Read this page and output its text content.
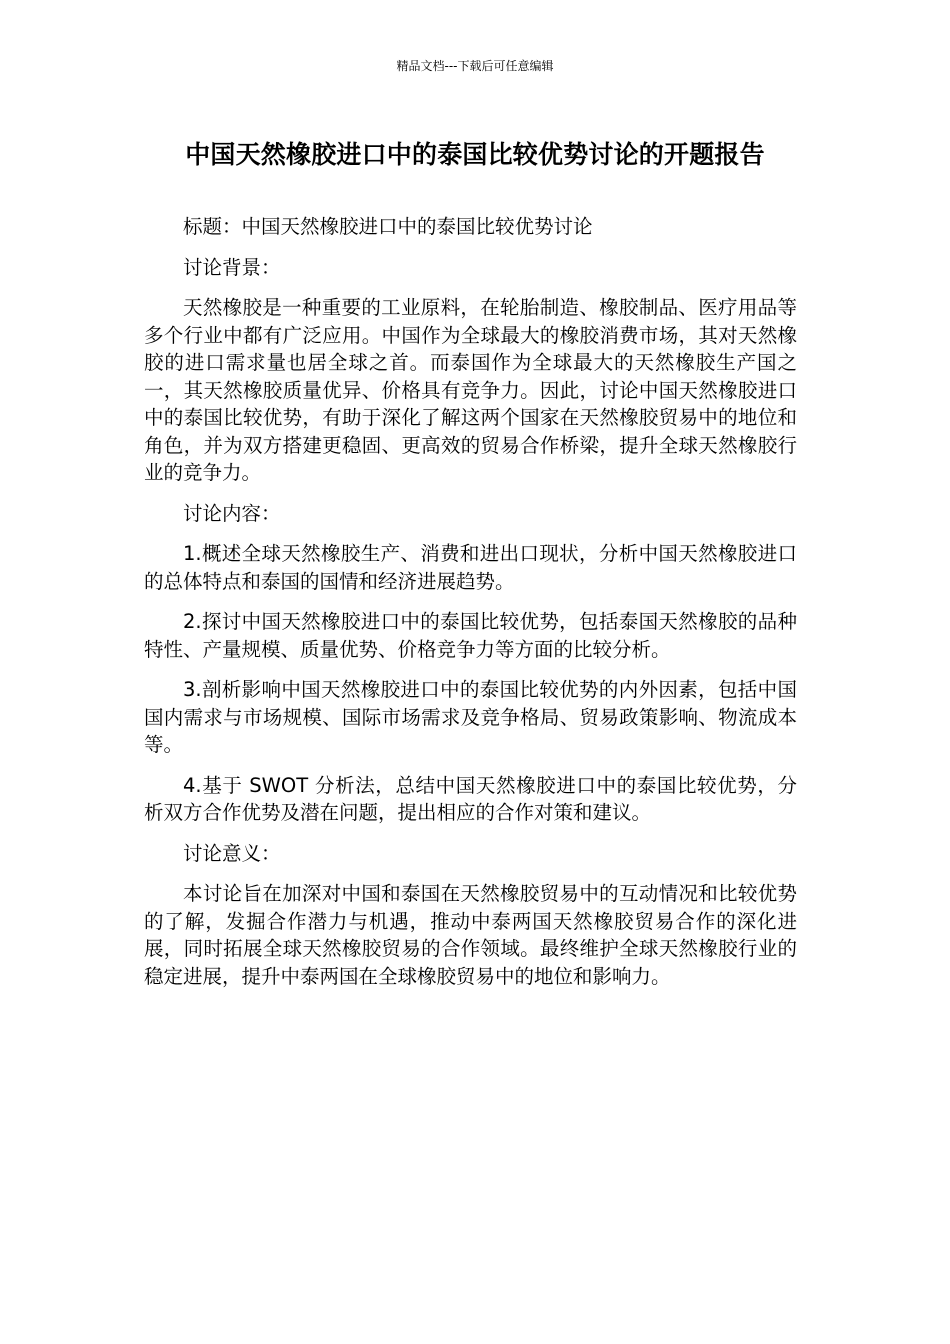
精品文档---下载后可任意编辑
中国天然橡胶进口中的泰国比较优势讨论的开题报告

标题：中国天然橡胶进口中的泰国比较优势讨论

讨论背景：

天然橡胶是一种重要的工业原料，在轮胎制造、橡胶制品、医疗用品等多个行业中都有广泛应用。中国作为全球最大的橡胶消费市场，其对天然橡胶的进口需求量也居全球之首。而泰国作为全球最大的天然橡胶生产国之一，其天然橡胶质量优异、价格具有竞争力。因此，讨论中国天然橡胶进口中的泰国比较优势，有助于深化了解这两个国家在天然橡胶贸易中的地位和角色，并为双方搭建更稳固、更高效的贸易合作桥梁，提升全球天然橡胶行业的竞争力。

讨论内容：

1.概述全球天然橡胶生产、消费和进出口现状，分析中国天然橡胶进口的总体特点和泰国的国情和经济进展趋势。

2.探讨中国天然橡胶进口中的泰国比较优势，包括泰国天然橡胶的品种特性、产量规模、质量优势、价格竞争力等方面的比较分析。

3.剖析影响中国天然橡胶进口中的泰国比较优势的内外因素，包括中国国内需求与市场规模、国际市场需求及竞争格局、贸易政策影响、物流成本等。

4.基于 SWOT 分析法，总结中国天然橡胶进口中的泰国比较优势，分析双方合作优势及潜在问题，提出相应的合作对策和建议。

讨论意义：

本讨论旨在加深对中国和泰国在天然橡胶贸易中的互动情况和比较优势的了解，发掘合作潜力与机遇，推动中泰两国天然橡胶贸易合作的深化进展，同时拓展全球天然橡胶贸易的合作领域。最终维护全球天然橡胶行业的稳定进展，提升中泰两国在全球橡胶贸易中的地位和影响力。
